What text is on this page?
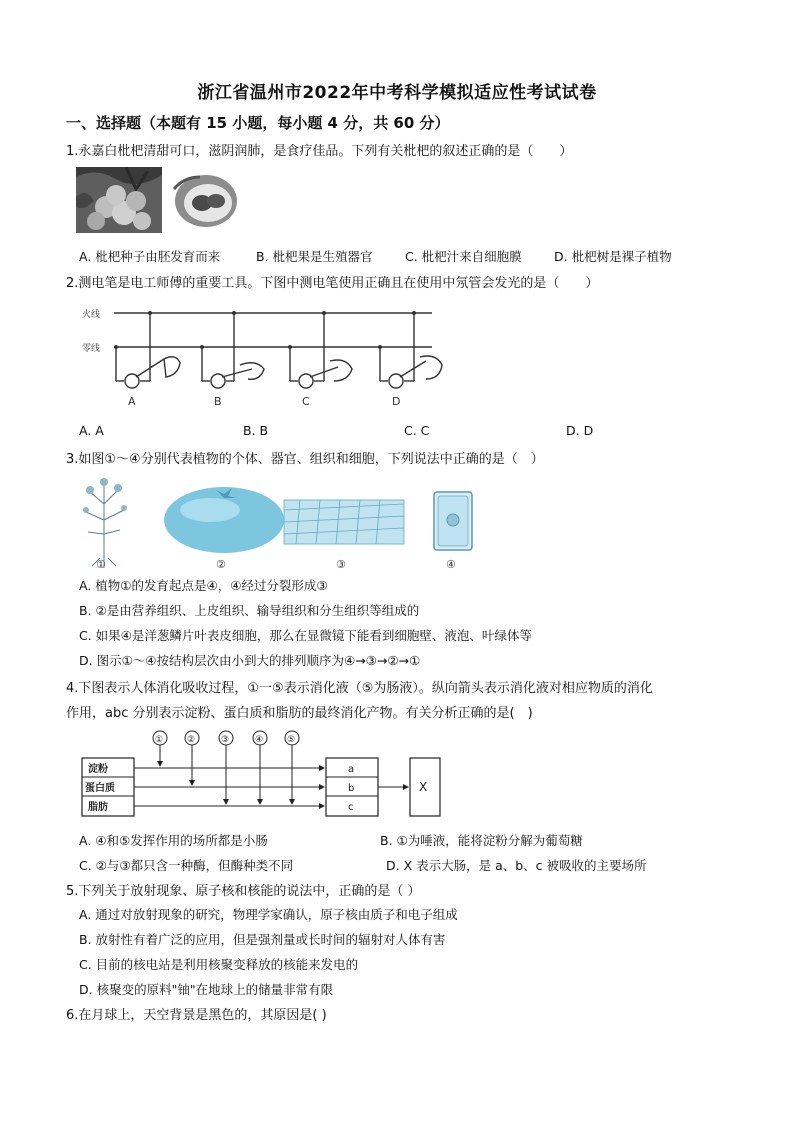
浙江省温州市2022年中考科学模拟适应性考试试卷
一、选择题（本题有 15 小题，每小题 4 分，共 60 分）
1.永嘉白枇杷清甜可口，滋阴润肺，是食疗佳品。下列有关枇杷的叙述正确的是（　　）
A. 枇杷种子由胚发育而来	B. 枇杷果是生殖器官	C. 枇杷汁来自细胞膜	D. 枇杷树是裸子植物
2.测电笔是电工师傅的重要工具。下图中测电笔使用正确且在使用中氖管会发光的是（　　）
火线
零线
A	B	C	D
A. A	B. B	C. C	D. D
3.如图①～④分别代表植物的个体、器官、组织和细胞，下列说法中正确的是（　）
①	②	③	④
A. 植物①的发育起点是④，④经过分裂形成③
B. ②是由营养组织、上皮组织、输导组织和分生组织等组成的
C. 如果④是洋葱鳞片叶表皮细胞，那么在显微镜下能看到细胞壁、液泡、叶绿体等
D. 图示①～④按结构层次由小到大的排列顺序为④→③→②→①
4.下图表示人体消化吸收过程，①一⑤表示消化液（⑤为肠液）。纵向箭头表示消化液对相应物质的消化
作用，abc 分别表示淀粉、蛋白质和脂肪的最终消化产物。有关分析正确的是(　)
①	②	③	④	⑤
淀粉
蛋白质
脂肪
a
b
c
X
A. ④和⑤发挥作用的场所都是小肠	B. ①为唾液，能将淀粉分解为葡萄糖
C. ②与③都只含一种酶，但酶种类不同	D. X 表示大肠，是 a、b、c 被吸收的主要场所
5.下列关于放射现象、原子核和核能的说法中，正确的是（ ）
A. 通过对放射现象的研究，物理学家确认，原子核由质子和电子组成
B. 放射性有着广泛的应用，但是强剂量或长时间的辐射对人体有害
C. 目前的核电站是利用核聚变释放的核能来发电的
D. 核聚变的原料"铀"在地球上的储量非常有限
6.在月球上，天空背景是黑色的，其原因是( )
